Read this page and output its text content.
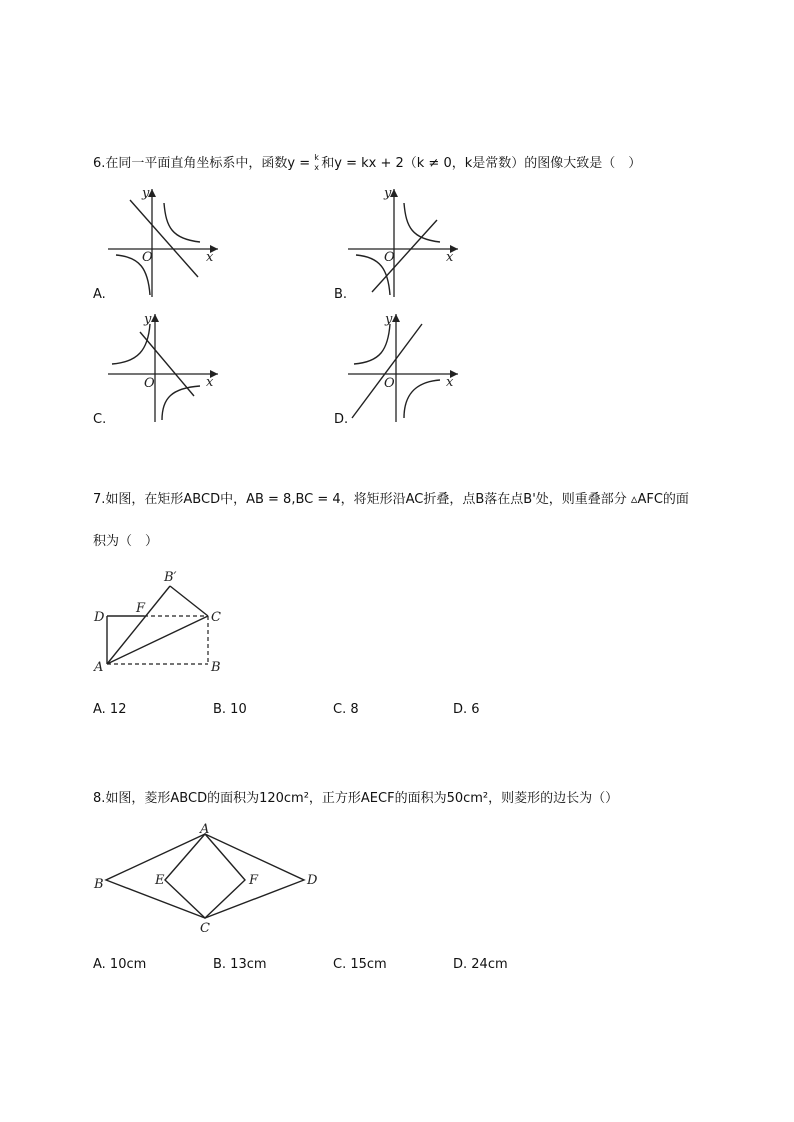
6.在同一平面直角坐标系中，函数y = k
x 和y = kx + 2（k ≠ 0，k是常数）的图像大致是（　）
y
x
O
A.
y
x
O
B.
y
x
O
C.
y
x
O
D.
7.如图，在矩形ABCD中，AB = 8,BC = 4，将矩形沿AC折叠，点B落在点B'处，则重叠部分 ▵AFC的面
积为（　）
A	B
C
D
F
B′
A. 12	B. 10	C. 8	D. 6
8.如图，菱形ABCD的面积为120cm²，正方形AECF的面积为50cm²，则菱形的边长为（）
A
B
C
D
E	F
A. 10cm	B. 13cm	C. 15cm	D. 24cm
